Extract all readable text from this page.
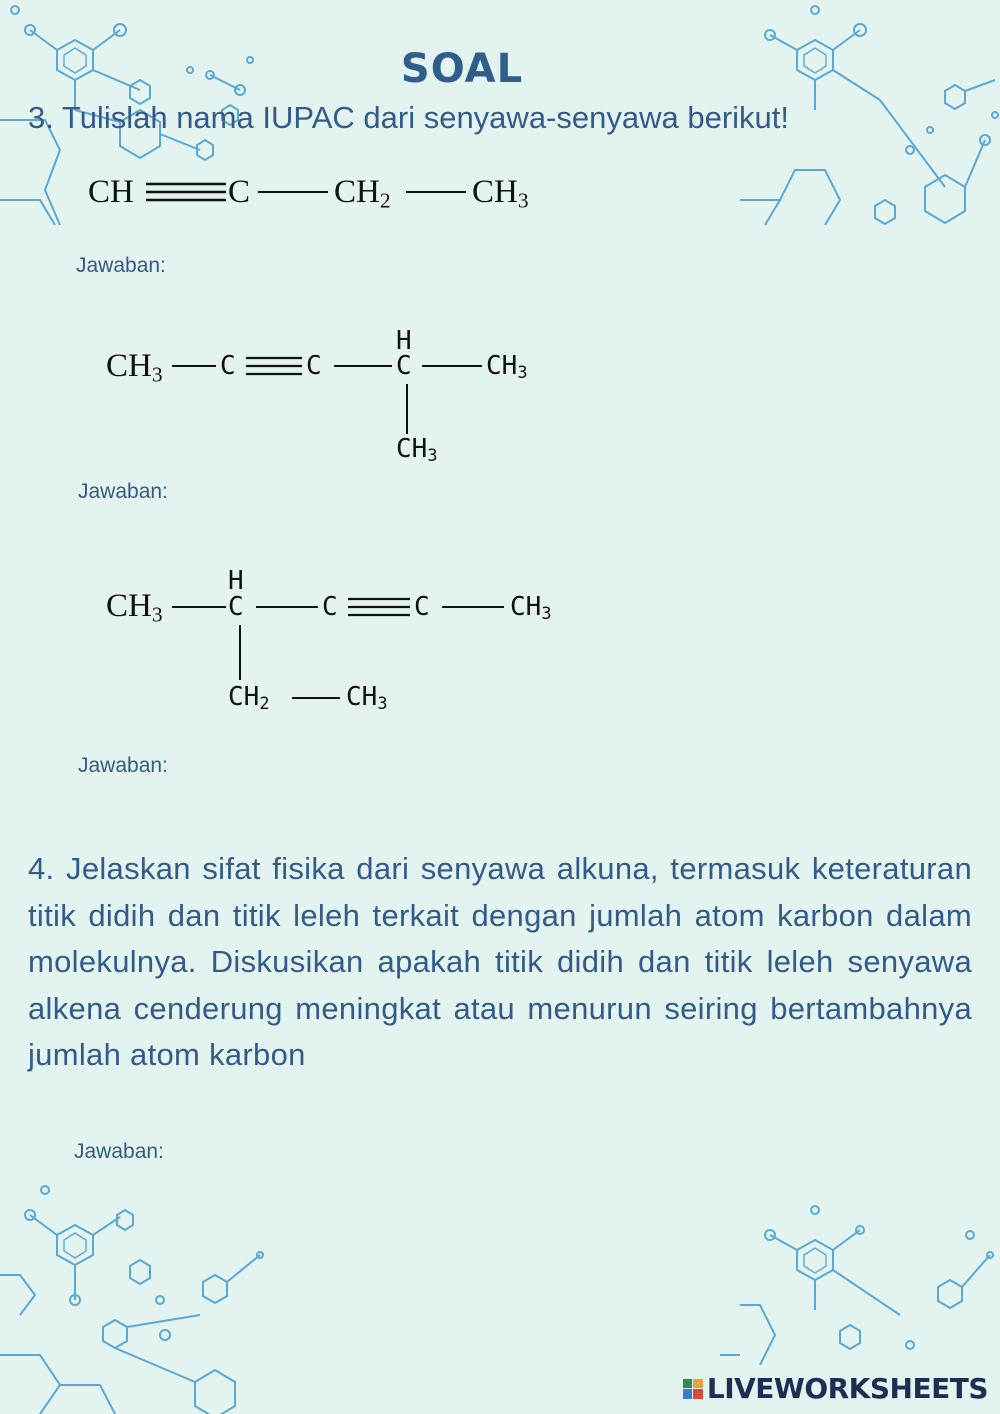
SOAL
3. Tulislah nama IUPAC dari senyawa-senyawa berikut!
CH	C	$CH_2$ $CH_3$
Jawaban:
$CH_3$ C	C
H
C	$CH_3$
$CH_3$
Jawaban:
$CH_3$
H
C	C	C	$CH_3$
$CH_2$	$CH_3$
Jawaban:
4. Jelaskan sifat fisika dari senyawa alkuna, termasuk keteraturan titik didih dan titik leleh terkait dengan jumlah atom karbon dalam molekulnya. Diskusikan apakah titik didih dan titik leleh senyawa alkena cenderung meningkat atau menurun seiring bertambahnya jumlah atom karbon
Jawaban:
LIVEWORKSHEETS
